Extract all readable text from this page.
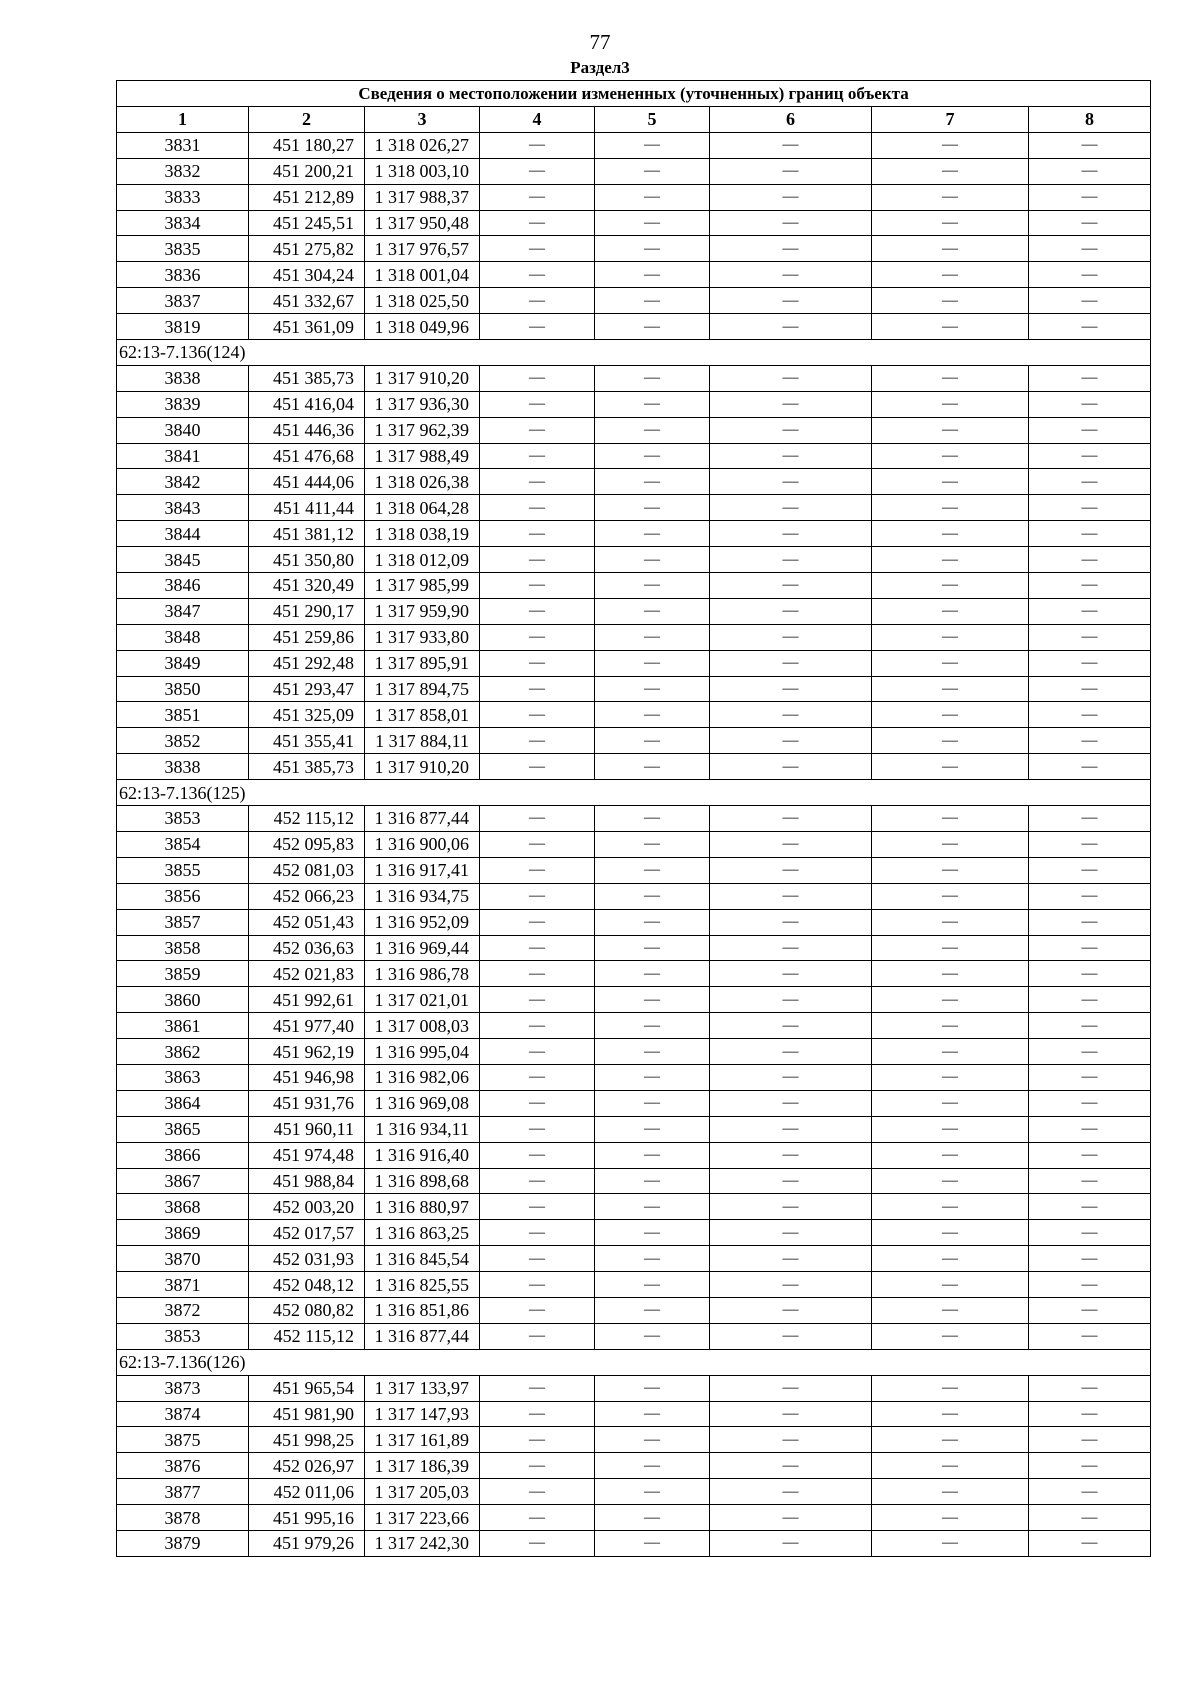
77
Раздел3
Сведения о местоположении измененных (уточненных) границ объекта							
1	2	3	4	5	6	7	8
3831	451 180,27	1 318 026,27	—	—	—	—	—
3832	451 200,21	1 318 003,10	—	—	—	—	—
3833	451 212,89	1 317 988,37	—	—	—	—	—
3834	451 245,51	1 317 950,48	—	—	—	—	—
3835	451 275,82	1 317 976,57	—	—	—	—	—
3836	451 304,24	1 318 001,04	—	—	—	—	—
3837	451 332,67	1 318 025,50	—	—	—	—	—
3819	451 361,09	1 318 049,96	—	—	—	—	—
62:13-7.136(124)							
3838	451 385,73	1 317 910,20	—	—	—	—	—
3839	451 416,04	1 317 936,30	—	—	—	—	—
3840	451 446,36	1 317 962,39	—	—	—	—	—
3841	451 476,68	1 317 988,49	—	—	—	—	—
3842	451 444,06	1 318 026,38	—	—	—	—	—
3843	451 411,44	1 318 064,28	—	—	—	—	—
3844	451 381,12	1 318 038,19	—	—	—	—	—
3845	451 350,80	1 318 012,09	—	—	—	—	—
3846	451 320,49	1 317 985,99	—	—	—	—	—
3847	451 290,17	1 317 959,90	—	—	—	—	—
3848	451 259,86	1 317 933,80	—	—	—	—	—
3849	451 292,48	1 317 895,91	—	—	—	—	—
3850	451 293,47	1 317 894,75	—	—	—	—	—
3851	451 325,09	1 317 858,01	—	—	—	—	—
3852	451 355,41	1 317 884,11	—	—	—	—	—
3838	451 385,73	1 317 910,20	—	—	—	—	—
62:13-7.136(125)							
3853	452 115,12	1 316 877,44	—	—	—	—	—
3854	452 095,83	1 316 900,06	—	—	—	—	—
3855	452 081,03	1 316 917,41	—	—	—	—	—
3856	452 066,23	1 316 934,75	—	—	—	—	—
3857	452 051,43	1 316 952,09	—	—	—	—	—
3858	452 036,63	1 316 969,44	—	—	—	—	—
3859	452 021,83	1 316 986,78	—	—	—	—	—
3860	451 992,61	1 317 021,01	—	—	—	—	—
3861	451 977,40	1 317 008,03	—	—	—	—	—
3862	451 962,19	1 316 995,04	—	—	—	—	—
3863	451 946,98	1 316 982,06	—	—	—	—	—
3864	451 931,76	1 316 969,08	—	—	—	—	—
3865	451 960,11	1 316 934,11	—	—	—	—	—
3866	451 974,48	1 316 916,40	—	—	—	—	—
3867	451 988,84	1 316 898,68	—	—	—	—	—
3868	452 003,20	1 316 880,97	—	—	—	—	—
3869	452 017,57	1 316 863,25	—	—	—	—	—
3870	452 031,93	1 316 845,54	—	—	—	—	—
3871	452 048,12	1 316 825,55	—	—	—	—	—
3872	452 080,82	1 316 851,86	—	—	—	—	—
3853	452 115,12	1 316 877,44	—	—	—	—	—
62:13-7.136(126)							
3873	451 965,54	1 317 133,97	—	—	—	—	—
3874	451 981,90	1 317 147,93	—	—	—	—	—
3875	451 998,25	1 317 161,89	—	—	—	—	—
3876	452 026,97	1 317 186,39	—	—	—	—	—
3877	452 011,06	1 317 205,03	—	—	—	—	—
3878	451 995,16	1 317 223,66	—	—	—	—	—
3879	451 979,26	1 317 242,30	—	—	—	—	—
